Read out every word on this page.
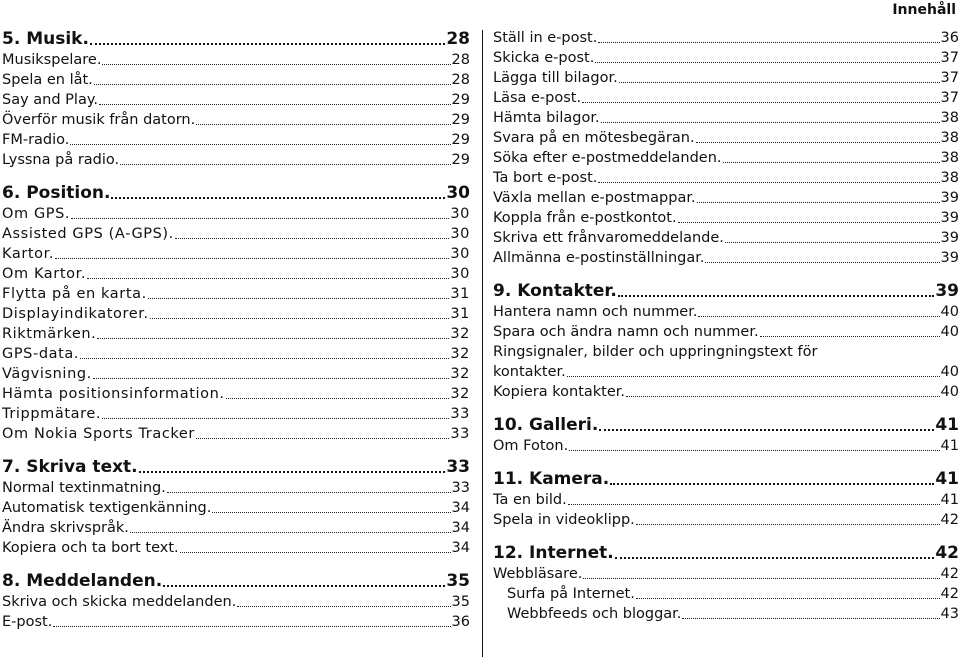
Innehåll
5. Musik.	28
Musikspelare.	28
Spela en låt.	28
Say and Play.	29
Överför musik från datorn.	29
FM-radio.	29
Lyssna på radio.	29
6. Position.	30
Om GPS.	30
Assisted GPS (A-GPS).	30
Kartor.	30
Om Kartor.	30
Flytta på en karta.	31
Displayindikatorer.	31
Riktmärken.	32
GPS-data.	32
Vägvisning.	32
Hämta positionsinformation.	32
Trippmätare.	33
Om Nokia Sports Tracker	33
7. Skriva text.	33
Normal textinmatning.	33
Automatisk textigenkänning.	34
Ändra skrivspråk.	34
Kopiera och ta bort text.	34
8. Meddelanden.	35
Skriva och skicka meddelanden.	35
E-post.	36
Ställ in e-post.	36
Skicka e-post.	37
Lägga till bilagor.	37
Läsa e-post.	37
Hämta bilagor.	38
Svara på en mötesbegäran.	38
Söka efter e-postmeddelanden.	38
Ta bort e-post.	38
Växla mellan e-postmappar.	39
Koppla från e-postkontot.	39
Skriva ett frånvaromeddelande.	39
Allmänna e-postinställningar.	39
9. Kontakter.	39
Hantera namn och nummer.	40
Spara och ändra namn och nummer.	40
Ringsignaler, bilder och uppringningstext för
kontakter.	40
Kopiera kontakter.	40
10. Galleri.	41
Om Foton.	41
11. Kamera.	41
Ta en bild.	41
Spela in videoklipp.	42
12. Internet.	42
Webbläsare.	42
Surfa på Internet.	42
Webbfeeds och bloggar.	43
